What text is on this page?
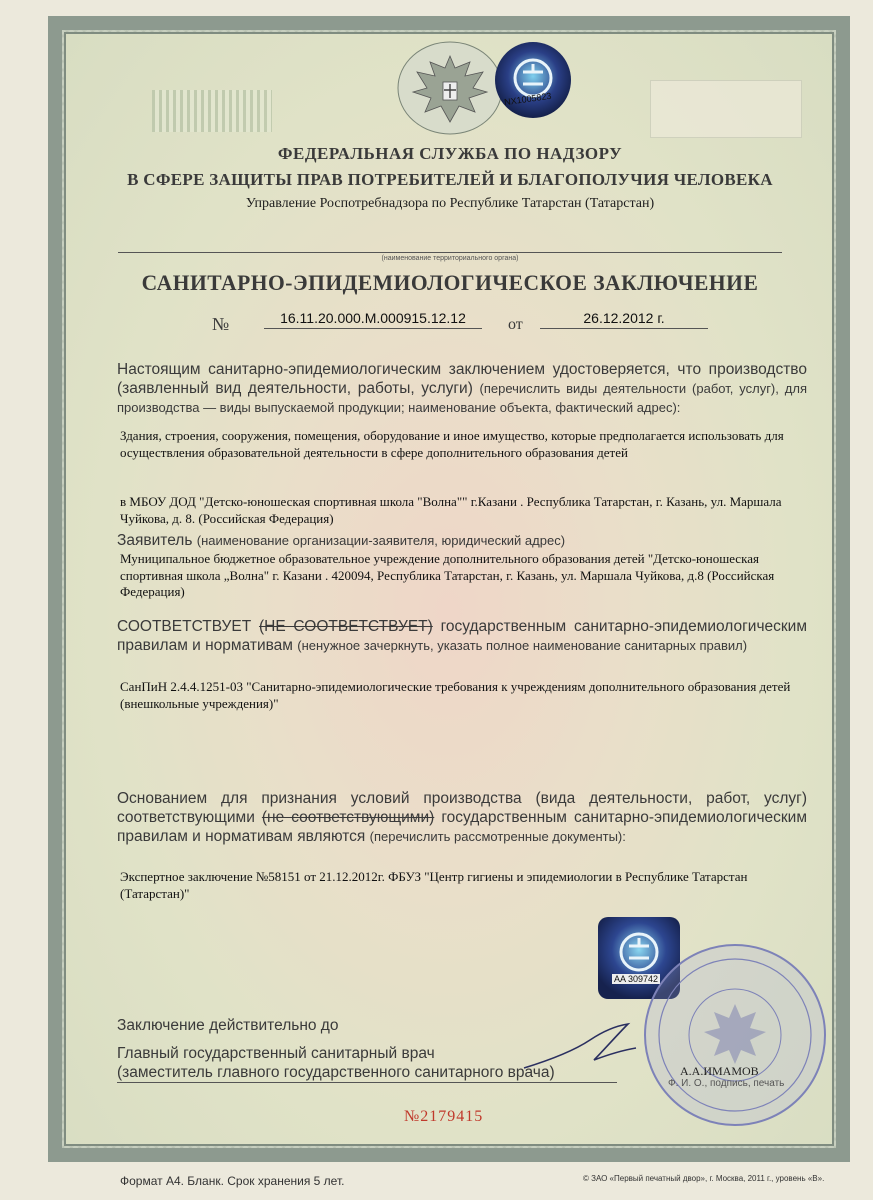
NX1005823
ФЕДЕРАЛЬНАЯ СЛУЖБА ПО НАДЗОРУ
В СФЕРЕ ЗАЩИТЫ ПРАВ ПОТРЕБИТЕЛЕЙ И БЛАГОПОЛУЧИЯ ЧЕЛОВЕКА
Управление Роспотребнадзора по Республике Татарстан (Татарстан)
(наименование территориального органа)
САНИТАРНО-ЭПИДЕМИОЛОГИЧЕСКОЕ ЗАКЛЮЧЕНИЕ
№	16.11.20.000.М.000915.12.12	от	26.12.2012 г.
Настоящим санитарно-эпидемиологическим заключением удостоверяется, что производство (заявленный вид деятельности, работы, услуги) (перечислить виды деятельности (работ, услуг), для производства — виды выпускаемой продукции; наименование объекта, фактический адрес):
Здания, строения, сооружения, помещения, оборудование и иное имущество, которые предполагается использовать для осуществления образовательной деятельности в сфере дополнительного образования детей
в МБОУ ДОД "Детско-юношеская спортивная школа "Волна"" г.Казани . Республика Татарстан, г. Казань, ул. Маршала Чуйкова, д. 8. (Российская Федерация)
Заявитель (наименование организации-заявителя, юридический адрес)
Муниципальное бюджетное образовательное учреждение дополнительного образования детей "Детско-юношеская спортивная школа „Волна" г. Казани . 420094, Республика Татарстан, г. Казань, ул. Маршала Чуйкова, д.8 (Российская Федерация)
СООТВЕТСТВУЕТ (НЕ СООТВЕТСТВУЕТ) государственным санитарно-эпидемиологическим правилам и нормативам (ненужное зачеркнуть, указать полное наименование санитарных правил)
СанПиН 2.4.4.1251-03 "Санитарно-эпидемиологические требования к учреждениям дополнительного образования детей (внешкольные учреждения)"
Основанием для признания условий производства (вида деятельности, работ, услуг) соответствующими (не соответствующими) государственным санитарно-эпидемиологическим правилам и нормативам являются (перечислить рассмотренные документы):
Экспертное заключение №58151 от 21.12.2012г. ФБУЗ "Центр гигиены и эпидемиологии в Республике Татарстан (Татарстан)"
AA 309742
Заключение действительно до
Главный государственный санитарный врач
(заместитель главного государственного санитарного врача)	А.А.ИМАМОВ
Ф. И. О., подпись, печать
№2179415
Формат А4. Бланк. Срок хранения 5 лет.	© ЗАО «Первый печатный двор», г. Москва, 2011 г., уровень «В».
